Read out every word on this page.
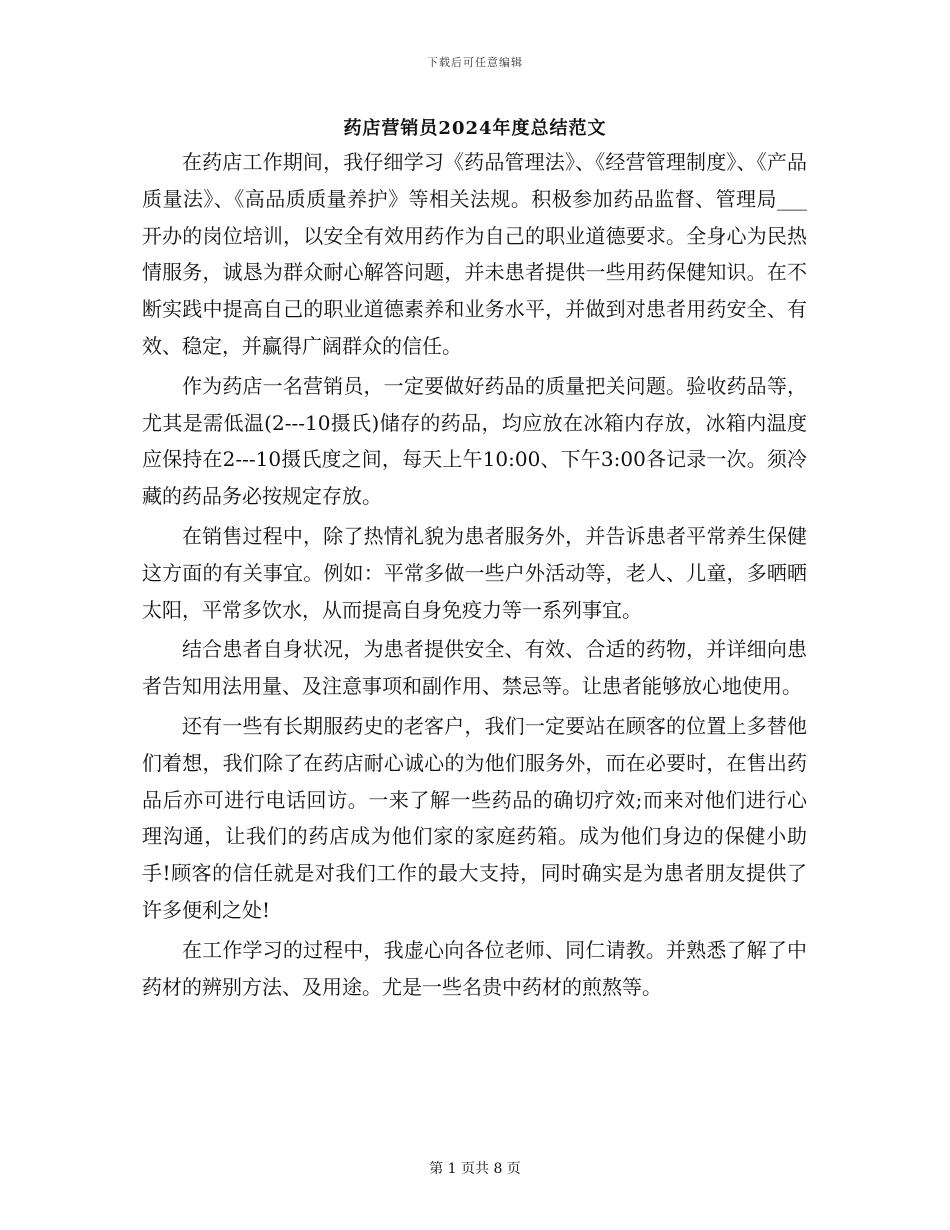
下载后可任意编辑
药店营销员2024年度总结范文

在药店工作期间，我仔细学习《药品管理法》、《经营管理制度》、《产品质量法》、《高品质质量养护》等相关法规。积极参加药品监督、管理局___开办的岗位培训，以安全有效用药作为自己的职业道德要求。全身心为民热情服务，诚恳为群众耐心解答问题，并未患者提供一些用药保健知识。在不断实践中提高自己的职业道德素养和业务水平，并做到对患者用药安全、有效、稳定，并赢得广阔群众的信任。

作为药店一名营销员，一定要做好药品的质量把关问题。验收药品等，尤其是需低温(2---10摄氏)储存的药品，均应放在冰箱内存放，冰箱内温度应保持在2---10摄氏度之间，每天上午10:00、下午3:00各记录一次。须冷藏的药品务必按规定存放。

在销售过程中，除了热情礼貌为患者服务外，并告诉患者平常养生保健这方面的有关事宜。例如：平常多做一些户外活动等，老人、儿童，多晒晒太阳，平常多饮水，从而提高自身免疫力等一系列事宜。

结合患者自身状况，为患者提供安全、有效、合适的药物，并详细向患者告知用法用量、及注意事项和副作用、禁忌等。让患者能够放心地使用。

还有一些有长期服药史的老客户，我们一定要站在顾客的位置上多替他们着想，我们除了在药店耐心诚心的为他们服务外，而在必要时，在售出药品后亦可进行电话回访。一来了解一些药品的确切疗效;而来对他们进行心理沟通，让我们的药店成为他们家的家庭药箱。成为他们身边的保健小助手!顾客的信任就是对我们工作的最大支持，同时确实是为患者朋友提供了许多便利之处!

在工作学习的过程中，我虚心向各位老师、同仁请教。并熟悉了解了中药材的辨别方法、及用途。尤是一些名贵中药材的煎熬等。

第 1 页共 8 页
